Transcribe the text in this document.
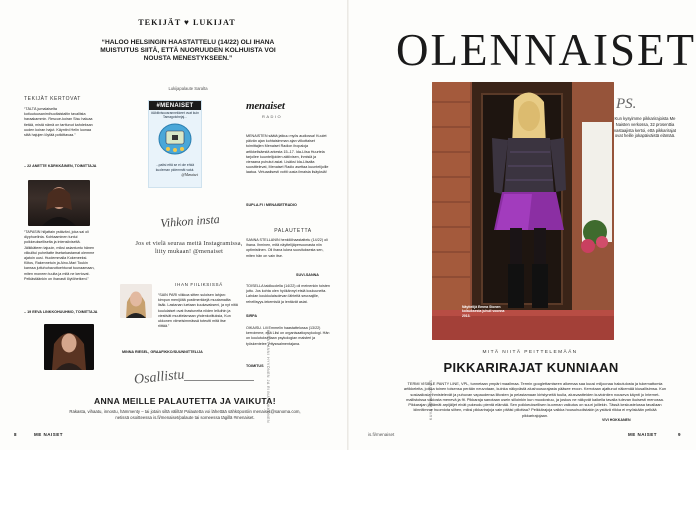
TEKIJÄT ♥ LUKIJAT
“HALOO HELSINGIN HAASTATTELU (14/22) OLI IHANA MUISTUTUS SIITÄ, ETTÄ NUORUUDEN KOLHUISTA VOI NOUSTA MENESTYKSEEN.”
Lukijapalaute Saralta
TEKIJÄT KERTOVAT
“TÄLTÄ jumalaiselta kotiuutuusanimihuoltaistaltin tavallista haraakammin. Rescue-koiran Sisu haluaa tietää, mistä nämä on tarttunut kahdeksan uuden koiran hajut. Käyntini Helin luonaa siitä hajujen löytää potkittavaa.”
– 22 ANETTE KÄRKKÄINEN, TOIMITTAJA
“TAPASIN hiljattain ystäväni, joka sai oli diyphuelinta. Kohtaaminen tuntui poikkeukselliselta ja intensiiviseltä. Jälkikäteen tajuuin, miksi asiantuntu hänen viikuiltui puheitatte itsetarkastamat olemme ajatoin uusi. Huolemmalla Kokeneeksi. Kiitos, Rakennetuin ja Aino-Mari Toukin kanssa juttuhuhavuttoehtuvat tuunaamaan, miten moneen tuulta ja mitä ne kertovat. Pelkästäänkin on ihanasti löytöhetkeni.”
– 19 EEVA LINKKOHUUHMO, TOIMITTAJA
#MENAISET
#Aktiivisuusrannekkeet ovat kuin Tamagotchejaj...
...paitsi että se ei ole ehkä kuoleman pidemmät vaiut.
@Menaiset
menaiset
RADIO
MENAISTEN säätä jatkuu myös audiossa! Kuulet päivän ajan kohtaisimman ajan viikottaiset toimittajien Menaiset Radion ihopaloja artikkelisäestä arkesta 15–17. Ida-Liisa Huurtela tarjoilee kuuntelijoiden aktiivisen, ihmisiä ja vieraana puhutut asiat. Lisäksi Ida-Liisalta suosittelevat, Menaiset Radio asettaa kuuntelijoille laatua. Virtuaalisesti voitti uusia ilmaisia lisäyksiä!
SUPLA.FI / MENAISETRADIO
Vihkon insta
Jos et vielä seuraa meitä Instagramissa, liity mukaan! @menaiset
IHAN FIILIKSISSÄ
“SAIN PARI viikkoa sitten suloisen lahjan: kimpun menijöitä postimerkkejä muutamailta lisäk. Lastanan luetaan kuukavakseni, ja nyt niitä koululaiset ovat ihastuneita niiden lelluihin ja viestivät muuttelamaan yhdenkotituksia, Kun ukkonen viimeisimmässä toteutti mitä itse riittää.”
MINNA RIESEL, GRAAFIKKO/SUUNNITTELIJA
PALAUTETTA
SANNA STELLANIN henkilöhaastattelu (14/22) oli ihana. Ihminen, mitä näyttelijäpersoonasta niin optimistinen. Oli ihana lukea suosituksesta sen, miten hän on vain itse.
SUVI-SANNA
TOISELLA taidkuolella (14/22) oli meinenkin toisten juttu. Jos kohta olen hyökännyt etsiä kouluuneita. Lahdan koukkulaisolevan lähteitä seuraajille, rehellisyys-tekemisiä ja lentävät asiat.
SIRPA
OIKAISU. Lili Emmelin haastattelussa (13/22) kerroimme, että Liisi on organisaatiopsykologi. Hän on koulutukseltaan psykologian maisteri ja työskentelee yrityswalmentajana.
TOIMITUS
Osallistu
ANNA MEILLE PALAUTETTA JA VAIKUTA!
Rakasta, vihaatu, innostu, hämmenty – tai jotain siltä väliltä! Palautetta voi lähettää sähköpostiin menaiset@sanoma.com,
netissä osoitteessa is.fi/menaiset/palaute tai someessa tägillä #menaiset.	KUVAT ANNI HYVÖNEN JA RIINA LOKKONEN
8	ME NAISET	is.fi/menaiset
OLENNAISET
Näyttelijä Emma Stonen kolauksesta juhuli voonna 2013.
KUVA WFOPHOTOS
PS.
Kun kysyimme pikkarirajoista Me Naisten verkossa, 32 prosenttia vastaajista kertoi, että pikkarirajat ovat heille jokapäiväistä elämää.
MITÄ NIITÄ PEITTELEMÄÄN
PIKKARIRAJAT KUNNIAAN
TERMI VISIBLE PANTY LINE, VPL, tunnetaan ympäri maailmaa. Termin googlettamiseen alkemaa saa kuusi miljoonaa hakutulosta ja tukemattomia artikkeleita, joissa toinen toisensa perään neuvotaan, kuinka näkyvästä alushousurajasta pääsee eroon. Kerrotaan ajattunut näkemää kiusallisimsa. Kun sosiaaliosia ihmistelevät ja puhuvan vapaudensa liitosten ja pelastamaan kiristyneitä tuulia, alusvaatteiden kuviointien nouseva käynti jo Internet-mallistoissa vakiosta menevä ja fit. Pikkaraja sanotaan usein silloinkin kun muodostuu, ja joskus ne näkyvät kaikella tavalla tulevan ikuisesti menossa. Pikkarajan jättämät arpijäljet eivät pukeudu pientä elämää. Sen poikkeuksellisen kuorman vaikutus on suuri joillekin. Tässä keskustelussa tavallaan kiinnitimme huomiota siihen, miksi pikkarirajoja vain pitäisi piilottaa? Pelkkärajoja vaikka housuhuolistakin ja ystävä riikka ei myöskään pelkää pikkarirajojaan.
VIVI HOKKANEN
ME NAISET	9
